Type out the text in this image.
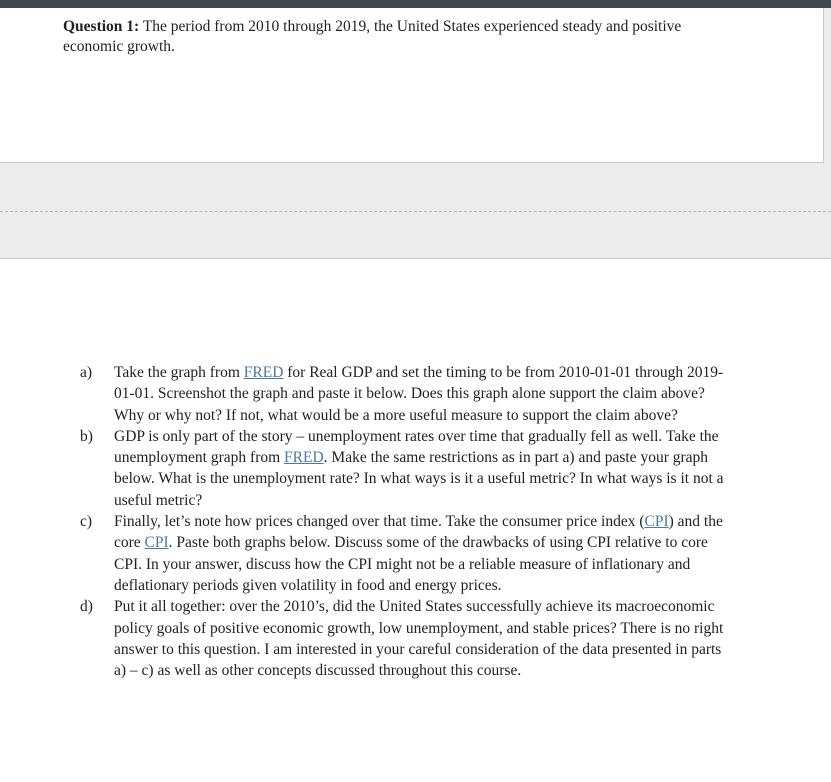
Question 1: The period from 2010 through 2019, the United States experienced steady and positive economic growth.
a) Take the graph from FRED for Real GDP and set the timing to be from 2010-01-01 through 2019-01-01. Screenshot the graph and paste it below. Does this graph alone support the claim above? Why or why not? If not, what would be a more useful measure to support the claim above?
b) GDP is only part of the story – unemployment rates over time that gradually fell as well. Take the unemployment graph from FRED. Make the same restrictions as in part a) and paste your graph below. What is the unemployment rate? In what ways is it a useful metric? In what ways is it not a useful metric?
c) Finally, let’s note how prices changed over that time. Take the consumer price index (CPI) and the core CPI. Paste both graphs below. Discuss some of the drawbacks of using CPI relative to core CPI. In your answer, discuss how the CPI might not be a reliable measure of inflationary and deflationary periods given volatility in food and energy prices.
d) Put it all together: over the 2010’s, did the United States successfully achieve its macroeconomic policy goals of positive economic growth, low unemployment, and stable prices? There is no right answer to this question. I am interested in your careful consideration of the data presented in parts a) – c) as well as other concepts discussed throughout this course.
